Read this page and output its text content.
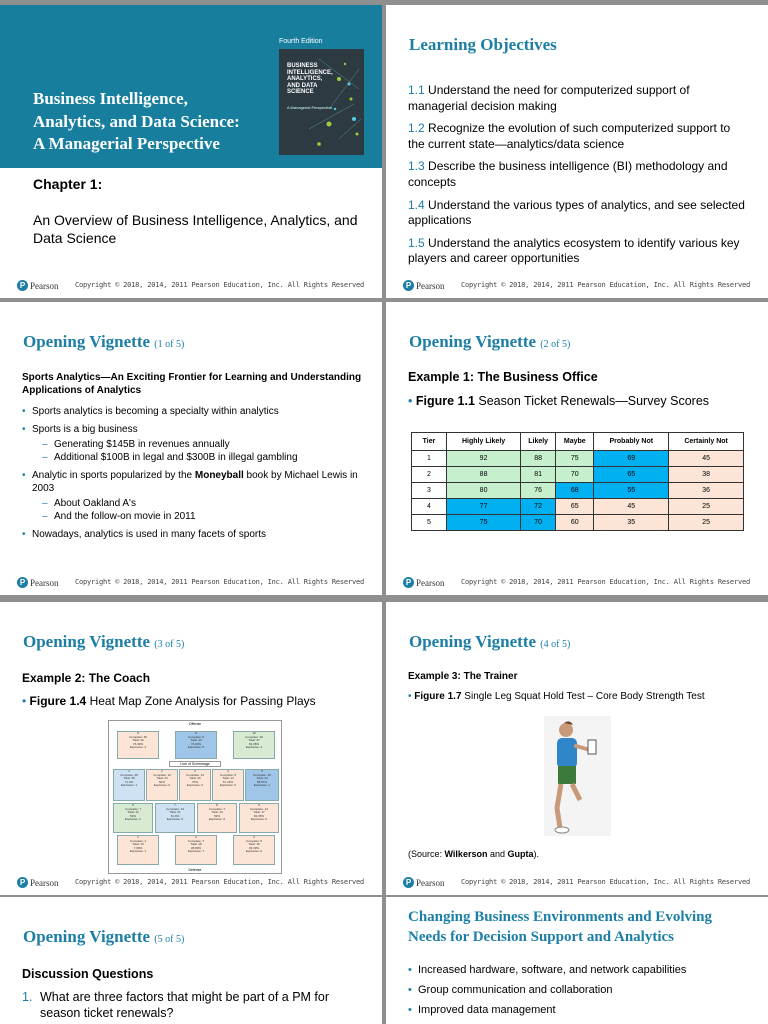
Business Intelligence,
Analytics, and Data Science:
A Managerial Perspective
Fourth Edition
BUSINESS
INTELLIGENCE,
ANALYTICS,
AND DATA
SCIENCE
A Managerial Perspective
Chapter 1:
An Overview of Business Intelligence, Analytics, and Data Science
P Pearson Copyright © 2018, 2014, 2011 Pearson Education, Inc. All Rights Reserved
Learning Objectives
1.1 Understand the need for computerized support of managerial decision making
1.2 Recognize the evolution of such computerized support to the current state—analytics/data science
1.3 Describe the business intelligence (BI) methodology and concepts
1.4 Understand the various types of analytics, and see selected applications
1.5 Understand the analytics ecosystem to identify various key players and career opportunities
P Pearson Copyright © 2018, 2014, 2011 Pearson Education, Inc. All Rights Reserved
Opening Vignette (1 of 5)
Sports Analytics—An Exciting Frontier for Learning and Understanding Applications of Analytics
• Sports analytics is becoming a specialty within analytics
• Sports is a big business
– Generating $145B in revenues annually
– Additional $100B in legal and $300B in illegal gambling
• Analytic in sports popularized by the Moneyball book by Michael Lewis in 2003
– About Oakland A's
– And the follow-on movie in 2011
• Nowadays, analytics is used in many facets of sports
P Pearson Copyright © 2018, 2014, 2011 Pearson Education, Inc. All Rights Reserved
Opening Vignette (2 of 5)
Example 1: The Business Office
• Figure 1.1 Season Ticket Renewals—Survey Scores
Tier	Highly Likely	Likely	Maybe	Probably Not	Certainly Not
1	92	88	75	69	45
2	88	81	70	65	38
3	80	76	68	55	36
4	77	72	65	45	25
5	75	70	60	35	25
P Pearson Copyright © 2018, 2014, 2011 Pearson Education, Inc. All Rights Reserved
Opening Vignette (3 of 5)
Example 2: The Coach
• Figure 1.4 Heat Map Zone Analysis for Passing Plays
Offense
Line of Scrimmage
Defense
8
Complete: 35
Total: 42
76.09%
Explosive: 4
9
Complete: 6
Total: 10
76.00%
Explosive: 5
10
Complete: 30
Total: 37
81.08%
Explosive: 3
1
Complete: 25
Total: 35
71.4%
Explosive: 1
2
Complete: 12
Total: 24
50%
Explosive: 0
3
Complete: 14
Total: 20
70%
Explosive: 2
4
Complete: 9
Total: 14
57.14%
Explosive: 0
5
Complete: 30
Total: 44
68.87%
Explosive: 1
6
Complete: 7
Total: 13
53%
Explosive: 2
7
Complete: 13
Total: 21
61.9%
Explosive: 0
8
Complete: 7
Total: 13
53%
Explosive: 0
9
Complete: 14
Total: 17
82.35%
Explosive: 0
1
Complete: 1
Total: 13
7.69%
Explosive: 1
2
Complete: 7
Total: 18
38.89%
Explosive: 7
3
Complete: 5
Total: 15
33.33%
Explosive: 0
P Pearson Copyright © 2018, 2014, 2011 Pearson Education, Inc. All Rights Reserved
Opening Vignette (4 of 5)
Example 3: The Trainer
• Figure 1.7 Single Leg Squat Hold Test – Core Body Strength Test
(Source: Wilkerson and Gupta).
P Pearson Copyright © 2018, 2014, 2011 Pearson Education, Inc. All Rights Reserved
Opening Vignette (5 of 5)
Discussion Questions
1. What are three factors that might be part of a PM for season ticket renewals?
Changing Business Environments and Evolving Needs for Decision Support and Analytics
• Increased hardware, software, and network capabilities
• Group communication and collaboration
• Improved data management
